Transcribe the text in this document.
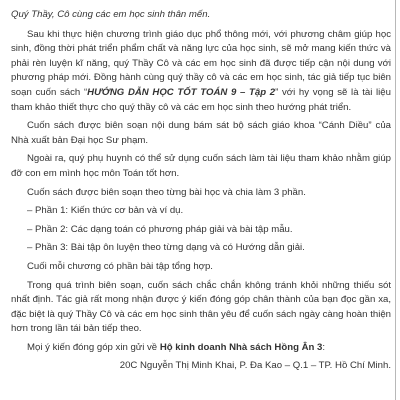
Quý Thầy, Cô cùng các em học sinh thân mến.

Sau khi thực hiện chương trình giáo dục phổ thông mới, với phương châm giúp học sinh, đồng thời phát triển phẩm chất và năng lực của học sinh, sẽ mở mang kiến thức và phải rèn luyện kĩ năng, quý Thầy Cô và các em học sinh đã được tiếp cận nội dung với phương pháp mới. Đồng hành cùng quý thầy cô và các em học sinh, tác giả tiếp tục biên soạn cuốn sách “HƯỚNG DẪN HỌC TỐT TOÁN 9 – Tập 2” với hy vọng sẽ là tài liệu tham khảo thiết thực cho quý thầy cô và các em học sinh theo hướng phát triển.

Cuốn sách được biên soạn nội dung bám sát bộ sách giáo khoa “Cánh Diều” của Nhà xuất bản Đại học Sư phạm.

Ngoài ra, quý phụ huynh có thể sử dụng cuốn sách làm tài liệu tham khảo nhằm giúp đỡ con em mình học môn Toán tốt hơn.

Cuốn sách được biên soạn theo từng bài học và chia làm 3 phần.

– Phần 1: Kiến thức cơ bản và ví dụ.

– Phần 2: Các dạng toán có phương pháp giải và bài tập mẫu.

– Phần 3: Bài tập ôn luyện theo từng dạng và có Hướng dẫn giải.

Cuối mỗi chương có phần bài tập tổng hợp.

Trong quá trình biên soạn, cuốn sách chắc chắn không tránh khỏi những thiếu sót nhất định. Tác giả rất mong nhận được ý kiến đóng góp chân thành của bạn đọc gần xa, đặc biệt là quý Thầy Cô và các em học sinh thân yêu để cuốn sách ngày càng hoàn thiện hơn trong lần tái bản tiếp theo.

Mọi ý kiến đóng góp xin gửi về Hộ kinh doanh Nhà sách Hồng Ân 3:

20C Nguyễn Thị Minh Khai, P. Đa Kao – Q.1 – TP. Hồ Chí Minh.
